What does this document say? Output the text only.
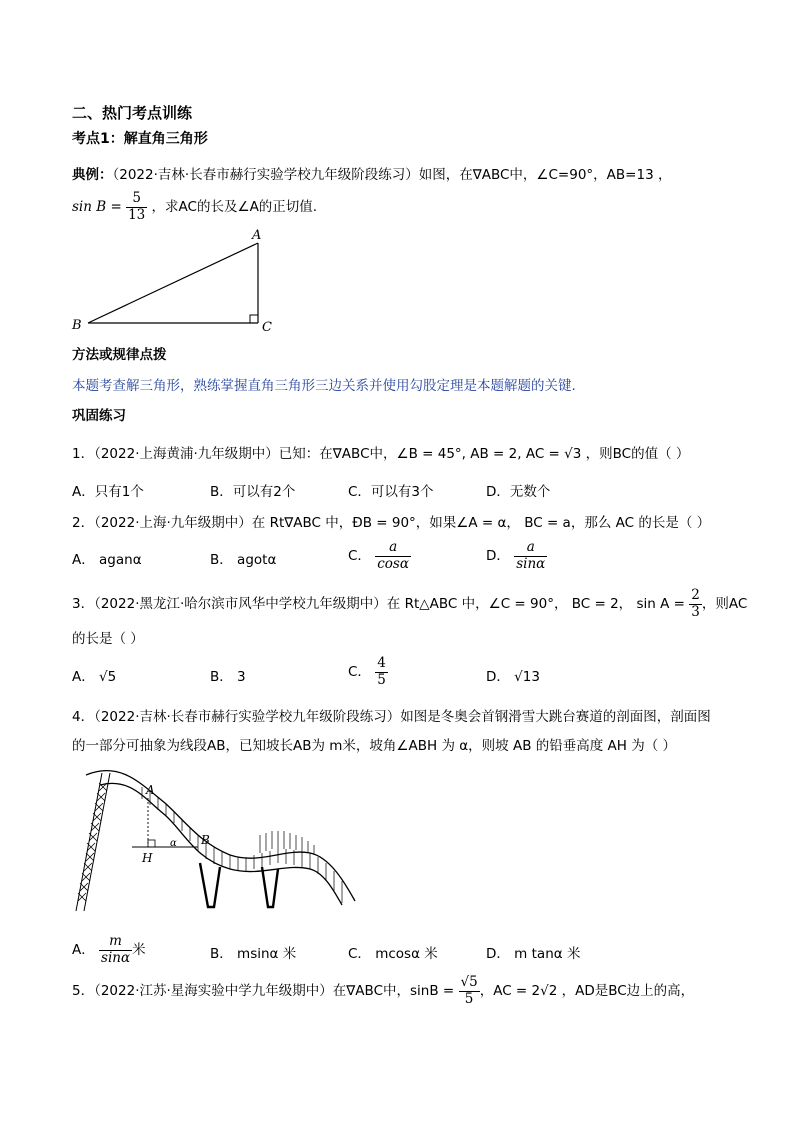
二、热门考点训练
考点1：解直角三角形
典例：（2022·吉林·长春市赫行实验学校九年级阶段练习）如图，在∇ABC中，∠C=90°，AB=13 ，
$\sin B = \frac{5}{13}$ ，求AC的长及∠A的正切值.
A
B	C
方法或规律点拨
本题考查解三角形，熟练掌握直角三角形三边关系并使用勾股定理是本题解题的关键.
巩固练习
1．（2022·上海黄浦·九年级期中）已知：在∇ABC中，∠B = 45°, AB = 2, AC = √3 ，则BC的值（ ）
A．只有1个	B．可以有2个	C．可以有3个	D．无数个
2．（2022·上海·九年级期中）在 Rt∇ABC 中，ÐB = 90°，如果∠A = α， BC = a，那么 AC 的长是（ ）
A． aganα	B． agotα	C． $\frac{a}{\cos\alpha}$	D． $\frac{a}{\sin\alpha}$
3．（2022·黑龙江·哈尔滨市风华中学校九年级期中）在 Rt△ABC 中，∠C = 90°， BC = 2， $\sin A = \frac{2}{3}$ ，则AC
的长是（ ）
A． √5	B． 3	C． $\frac{4}{5}$	D． √13
4．（2022·吉林·长春市赫行实验学校九年级阶段练习）如图是冬奥会首钢滑雪大跳台赛道的剖面图，剖面图
的一部分可抽象为线段AB，已知坡长AB为 m米，坡角∠ABH 为 α，则坡 AB 的铅垂高度 AH 为（ ）
A
H
B
α
A． $\frac{m}{\sin\alpha}$ 米	B． msinα 米	C． mcosα 米	D． m tanα 米
5．（2022·江苏·星海实验中学九年级期中）在∇ABC中，$\sin B = \frac{√5}{5}$ ，AC = 2√2 ，AD是BC边上的高，
